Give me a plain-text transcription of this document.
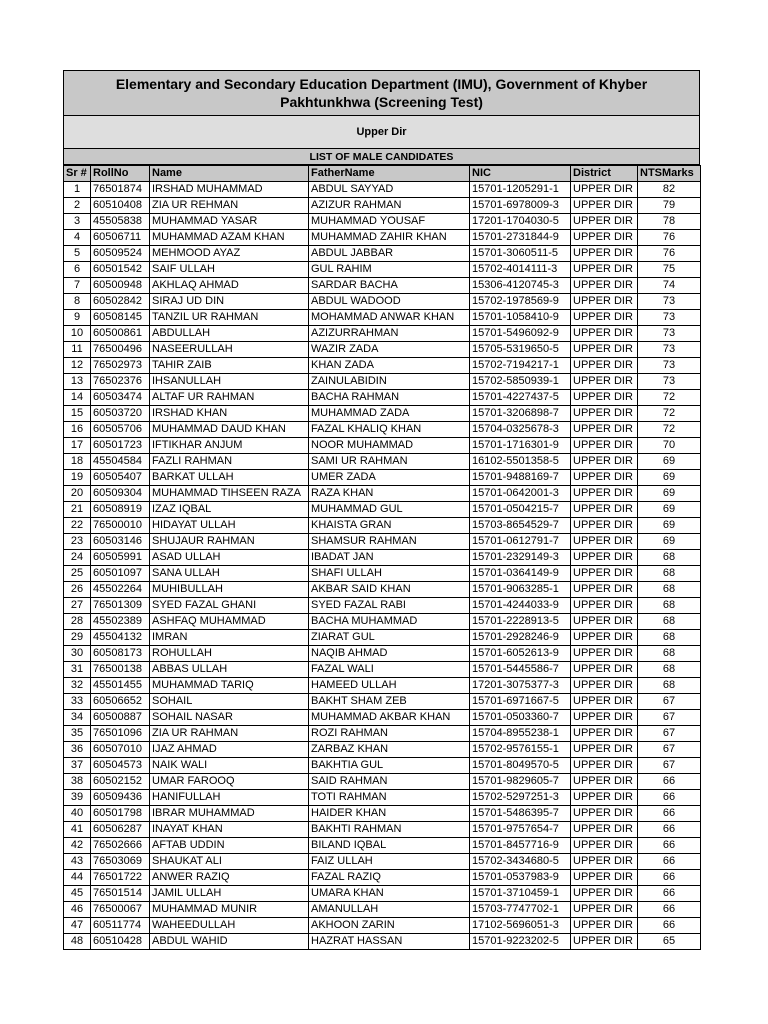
Elementary and Secondary Education Department (IMU), Government of Khyber Pakhtunkhwa (Screening Test)
Upper Dir
LIST OF MALE CANDIDATES
Sr #	RollNo	Name	FatherName	NIC	District	NTSMarks
1	76501874	IRSHAD MUHAMMAD	ABDUL SAYYAD	15701-1205291-1	UPPER DIR	82
2	60510408	ZIA UR REHMAN	AZIZUR RAHMAN	15701-6978009-3	UPPER DIR	79
3	45505838	MUHAMMAD YASAR	MUHAMMAD YOUSAF	17201-1704030-5	UPPER DIR	78
4	60506711	MUHAMMAD AZAM KHAN	MUHAMMAD ZAHIR KHAN	15701-2731844-9	UPPER DIR	76
5	60509524	MEHMOOD AYAZ	ABDUL JABBAR	15701-3060511-5	UPPER DIR	76
6	60501542	SAIF ULLAH	GUL RAHIM	15702-4014111-3	UPPER DIR	75
7	60500948	AKHLAQ AHMAD	SARDAR BACHA	15306-4120745-3	UPPER DIR	74
8	60502842	SIRAJ UD DIN	ABDUL WADOOD	15702-1978569-9	UPPER DIR	73
9	60508145	TANZIL UR RAHMAN	MOHAMMAD ANWAR KHAN	15701-1058410-9	UPPER DIR	73
10	60500861	ABDULLAH	AZIZURRAHMAN	15701-5496092-9	UPPER DIR	73
11	76500496	NASEERULLAH	WAZIR ZADA	15705-5319650-5	UPPER DIR	73
12	76502973	TAHIR ZAIB	KHAN ZADA	15702-7194217-1	UPPER DIR	73
13	76502376	IHSANULLAH	ZAINULABIDIN	15702-5850939-1	UPPER DIR	73
14	60503474	ALTAF UR RAHMAN	BACHA RAHMAN	15701-4227437-5	UPPER DIR	72
15	60503720	IRSHAD KHAN	MUHAMMAD ZADA	15701-3206898-7	UPPER DIR	72
16	60505706	MUHAMMAD DAUD KHAN	FAZAL KHALIQ KHAN	15704-0325678-3	UPPER DIR	72
17	60501723	IFTIKHAR ANJUM	NOOR MUHAMMAD	15701-1716301-9	UPPER DIR	70
18	45504584	FAZLI RAHMAN	SAMI UR RAHMAN	16102-5501358-5	UPPER DIR	69
19	60505407	BARKAT ULLAH	UMER ZADA	15701-9488169-7	UPPER DIR	69
20	60509304	MUHAMMAD TIHSEEN RAZA	RAZA KHAN	15701-0642001-3	UPPER DIR	69
21	60508919	IZAZ IQBAL	MUHAMMAD GUL	15701-0504215-7	UPPER DIR	69
22	76500010	HIDAYAT ULLAH	KHAISTA GRAN	15703-8654529-7	UPPER DIR	69
23	60503146	SHUJAUR RAHMAN	SHAMSUR RAHMAN	15701-0612791-7	UPPER DIR	69
24	60505991	ASAD ULLAH	IBADAT JAN	15701-2329149-3	UPPER DIR	68
25	60501097	SANA ULLAH	SHAFI ULLAH	15701-0364149-9	UPPER DIR	68
26	45502264	MUHIBULLAH	AKBAR SAID KHAN	15701-9063285-1	UPPER DIR	68
27	76501309	SYED FAZAL GHANI	SYED FAZAL RABI	15701-4244033-9	UPPER DIR	68
28	45502389	ASHFAQ MUHAMMAD	BACHA MUHAMMAD	15701-2228913-5	UPPER DIR	68
29	45504132	IMRAN	ZIARAT GUL	15701-2928246-9	UPPER DIR	68
30	60508173	ROHULLAH	NAQIB AHMAD	15701-6052613-9	UPPER DIR	68
31	76500138	ABBAS ULLAH	FAZAL WALI	15701-5445586-7	UPPER DIR	68
32	45501455	MUHAMMAD TARIQ	HAMEED ULLAH	17201-3075377-3	UPPER DIR	68
33	60506652	SOHAIL	BAKHT SHAM ZEB	15701-6971667-5	UPPER DIR	67
34	60500887	SOHAIL NASAR	MUHAMMAD AKBAR KHAN	15701-0503360-7	UPPER DIR	67
35	76501096	ZIA UR RAHMAN	ROZI RAHMAN	15704-8955238-1	UPPER DIR	67
36	60507010	IJAZ AHMAD	ZARBAZ KHAN	15702-9576155-1	UPPER DIR	67
37	60504573	NAIK WALI	BAKHTIA GUL	15701-8049570-5	UPPER DIR	67
38	60502152	UMAR FAROOQ	SAID RAHMAN	15701-9829605-7	UPPER DIR	66
39	60509436	HANIFULLAH	TOTI RAHMAN	15702-5297251-3	UPPER DIR	66
40	60501798	IBRAR MUHAMMAD	HAIDER KHAN	15701-5486395-7	UPPER DIR	66
41	60506287	INAYAT KHAN	BAKHTI RAHMAN	15701-9757654-7	UPPER DIR	66
42	76502666	AFTAB UDDIN	BILAND IQBAL	15701-8457716-9	UPPER DIR	66
43	76503069	SHAUKAT ALI	FAIZ ULLAH	15702-3434680-5	UPPER DIR	66
44	76501722	ANWER RAZIQ	FAZAL RAZIQ	15701-0537983-9	UPPER DIR	66
45	76501514	JAMIL ULLAH	UMARA KHAN	15701-3710459-1	UPPER DIR	66
46	76500067	MUHAMMAD MUNIR	AMANULLAH	15703-7747702-1	UPPER DIR	66
47	60511774	WAHEEDULLAH	AKHOON ZARIN	17102-5696051-3	UPPER DIR	66
48	60510428	ABDUL WAHID	HAZRAT HASSAN	15701-9223202-5	UPPER DIR	65
